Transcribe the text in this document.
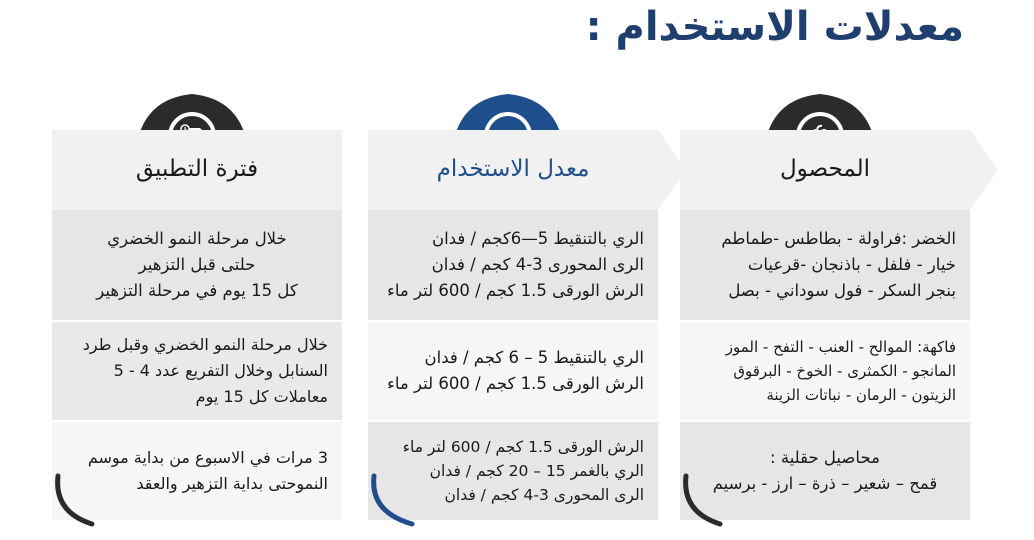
معدلات الاستخدام :
المحصول
الخضر :فراولة - بطاطس -طماطم
خيار - فلفل - باذنجان -قرعيات
بنجر السكر - فول سوداني - بصل
فاكهة: الموالح - العنب - التفح - الموز
المانجو - الكمثرى - الخوخ - البرقوق
الزيتون - الرمان - نباتات الزينة
محاصيل حقلية :
قمح – شعير – ذرة – ارز - برسيم
معدل الاستخدام
الري بالتنقيط 5—6كجم / فدان
الرى المحورى 3-4 كجم / فدان
الرش الورقى 1.5 كجم / 600 لتر ماء
الري بالتنقيط 5 – 6 كجم / فدان
الرش الورقى 1.5 كجم / 600 لتر ماء
الرش الورقى 1.5 كجم / 600 لتر ماء
الري بالغمر 15 – 20 كجم / فدان
الرى المحورى 3-4 كجم / فدان
فترة التطبيق
خلال مرحلة النمو الخضري
حلتى قبل التزهير
كل 15 يوم في مرحلة التزهير
خلال مرحلة النمو الخضري وقبل طرد
السنابل وخلال التفريع عدد 4 - 5
معاملات كل 15 يوم
3 مرات في الاسبوع من بداية موسم
النموحتى بداية التزهير والعقد
